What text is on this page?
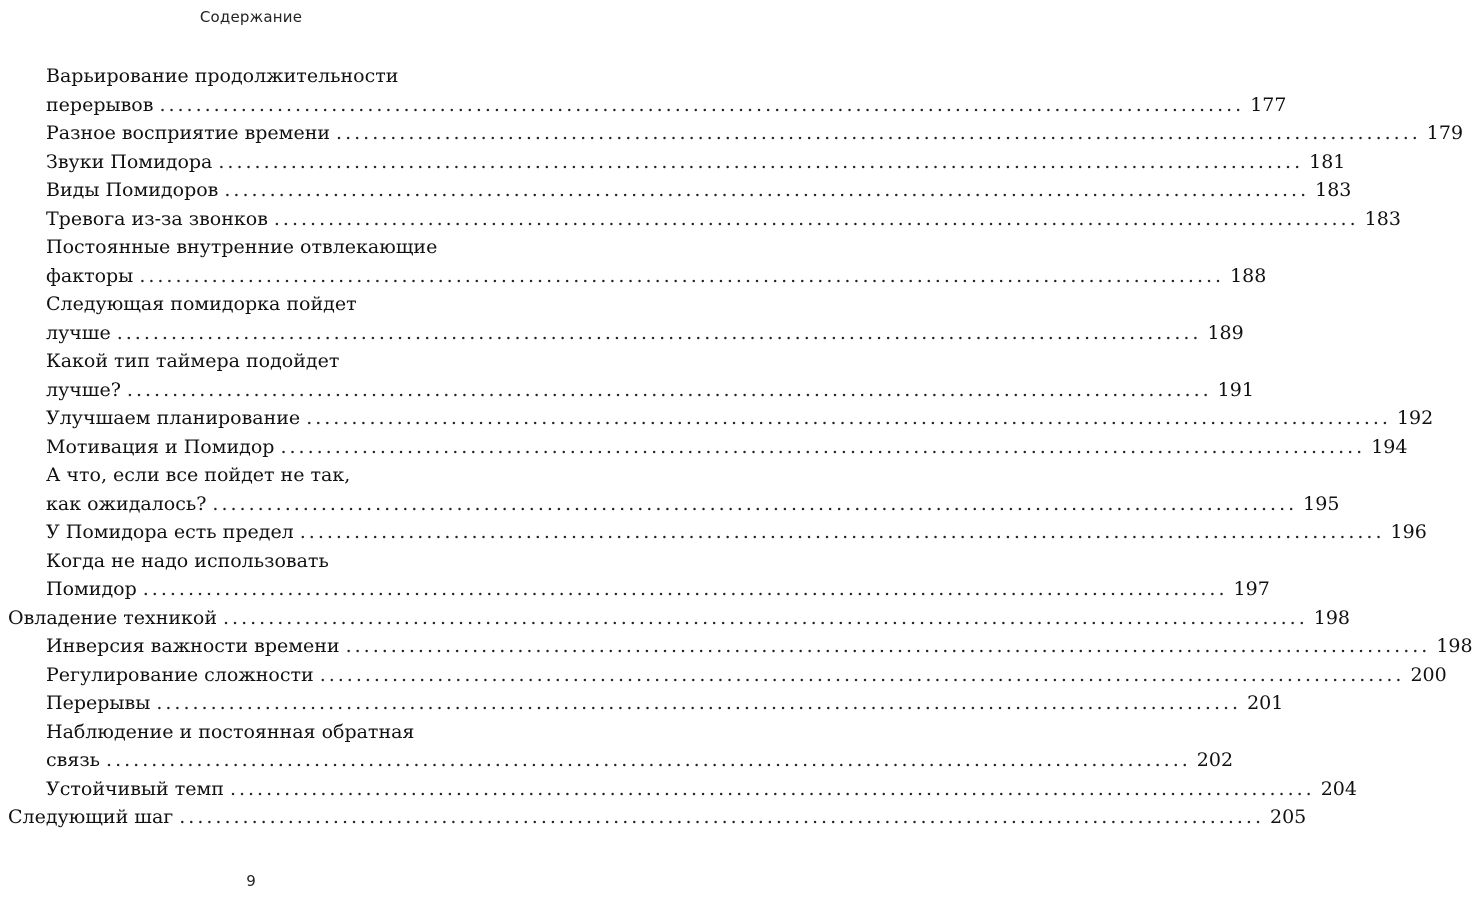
Содержание
Варьирование продолжительности
перерывов ........................................................................................................................ 177
Разное восприятие времени ........................................................................................................................ 179
Звуки Помидора ........................................................................................................................ 181
Виды Помидоров ........................................................................................................................ 183
Тревога из-за звонков ........................................................................................................................ 183
Постоянные внутренние отвлекающие
факторы ........................................................................................................................ 188
Следующая помидорка пойдет
лучше ........................................................................................................................ 189
Какой тип таймера подойдет
лучше? ........................................................................................................................ 191
Улучшаем планирование ........................................................................................................................ 192
Мотивация и Помидор ........................................................................................................................ 194
А что, если все пойдет не так,
как ожидалось? ........................................................................................................................ 195
У Помидора есть предел ........................................................................................................................ 196
Когда не надо использовать
Помидор ........................................................................................................................ 197
Овладение техникой ........................................................................................................................ 198
Инверсия важности времени ........................................................................................................................ 198
Регулирование сложности ........................................................................................................................ 200
Перерывы ........................................................................................................................ 201
Наблюдение и постоянная обратная
связь ........................................................................................................................ 202
Устойчивый темп ........................................................................................................................ 204
Следующий шаг ........................................................................................................................ 205
9
